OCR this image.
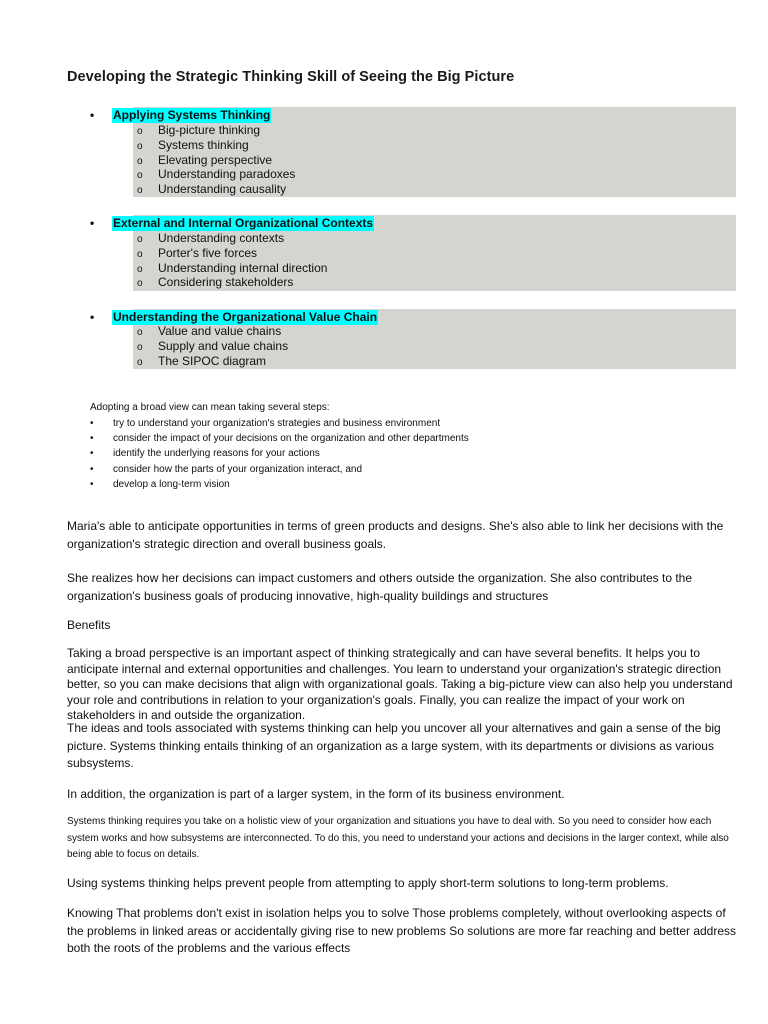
Developing the Strategic Thinking Skill of Seeing the Big Picture
• Applying Systems Thinking
o Big-picture thinking
o Systems thinking
o Elevating perspective
o Understanding paradoxes
o Understanding causality
• External and Internal Organizational Contexts
o Understanding contexts
o Porter's five forces
o Understanding internal direction
o Considering stakeholders
• Understanding the Organizational Value Chain
o Value and value chains
o Supply and value chains
o The SIPOC diagram
Adopting a broad view can mean taking several steps:
• try to understand your organization's strategies and business environment
• consider the impact of your decisions on the organization and other departments
• identify the underlying reasons for your actions
• consider how the parts of your organization interact, and
• develop a long-term vision
Maria's able to anticipate opportunities in terms of green products and designs. She's also able to link her decisions with the organization's strategic direction and overall business goals.
She realizes how her decisions can impact customers and others outside the organization. She also contributes to the organization's business goals of producing innovative, high-quality buildings and structures
Benefits
Taking a broad perspective is an important aspect of thinking strategically and can have several benefits. It helps you to anticipate internal and external opportunities and challenges. You learn to understand your organization's strategic direction better, so you can make decisions that align with organizational goals. Taking a big-picture view can also help you understand your role and contributions in relation to your organization's goals. Finally, you can realize the impact of your work on stakeholders in and outside the organization.
The ideas and tools associated with systems thinking can help you uncover all your alternatives and gain a sense of the big picture. Systems thinking entails thinking of an organization as a large system, with its departments or divisions as various subsystems.
In addition, the organization is part of a larger system, in the form of its business environment.
Systems thinking requires you take on a holistic view of your organization and situations you have to deal with. So you need to consider how each system works and how subsystems are interconnected. To do this, you need to understand your actions and decisions in the larger context, while also being able to focus on details.
Using systems thinking helps prevent people from attempting to apply short-term solutions to long-term problems.
Knowing That problems don't exist in isolation helps you to solve Those problems completely, without overlooking aspects of the problems in linked areas or accidentally giving rise to new problems So solutions are more far reaching and better address both the roots of the problems and the various effects
